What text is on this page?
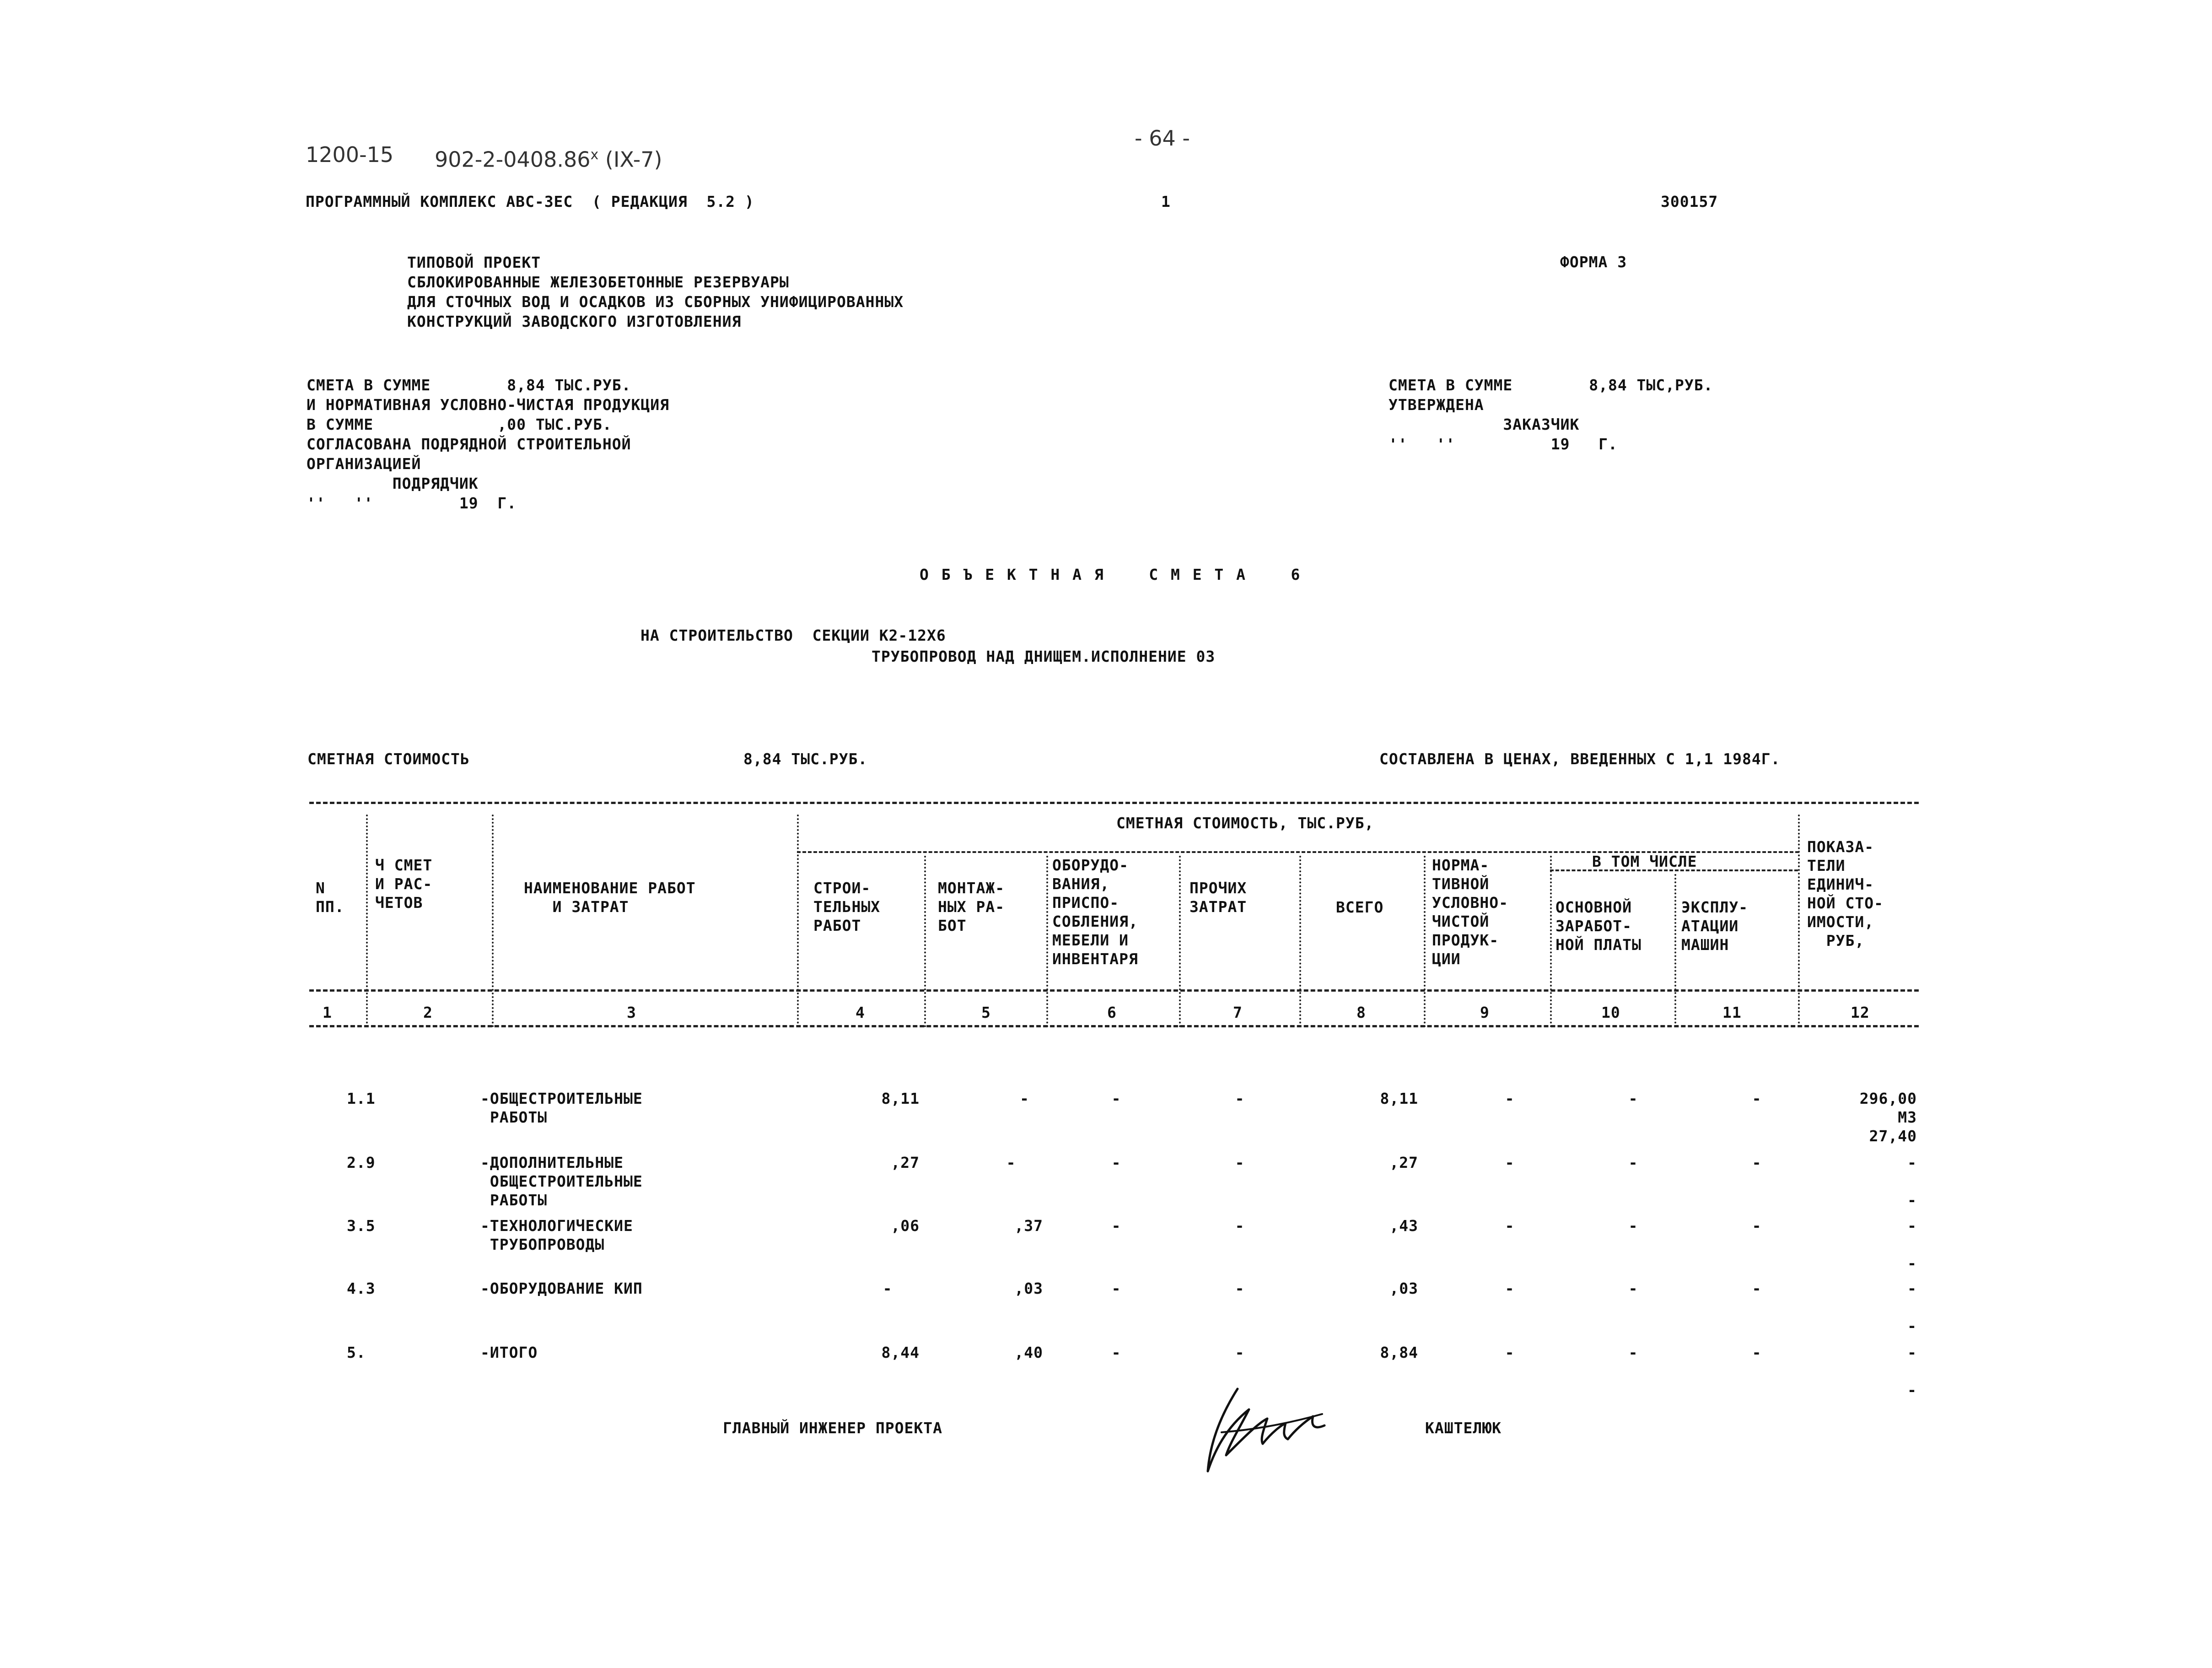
1200-15 902-2-0408.86$^x$ (IX-7)
- 64 -
ПРОГРАММНЫЙ КОМПЛЕКС АВС-ЗЕС  ( РЕДАКЦИЯ  5.2 )	1	300157
ТИПОВОЙ ПРОЕКТ
СБЛОКИРОВАННЫЕ ЖЕЛЕЗОБЕТОННЫЕ РЕЗЕРВУАРЫ
ДЛЯ СТОЧНЫХ ВОД И ОСАДКОВ ИЗ СБОРНЫХ УНИФИЦИРОВАННЫХ
КОНСТРУКЦИЙ ЗАВОДСКОГО ИЗГОТОВЛЕНИЯ
ФОРМА 3
СМЕТА В СУММЕ        8,84 ТЫС.РУБ.
И НОРМАТИВНАЯ УСЛОВНО-ЧИСТАЯ ПРОДУКЦИЯ
В СУММЕ             ,00 ТЫС.РУБ.
СОГЛАСОВАНА ПОДРЯДНОЙ СТРОИТЕЛЬНОЙ
ОРГАНИЗАЦИЕЙ
ПОДРЯДЧИК
''   ''         19  Г.
СМЕТА В СУММЕ        8,84 ТЫС,РУБ.
УТВЕРЖДЕНА
ЗАКАЗЧИК
''   ''          19   Г.
О Б Ъ Е К Т Н А Я    С М Е Т А    6
НА СТРОИТЕЛЬСТВО  СЕКЦИИ К2-12Х6
ТРУБОПРОВОД НАД ДНИЩЕМ.ИСПОЛНЕНИЕ 03
СМЕТНАЯ СТОИМОСТЬ	8,84 ТЫС.РУБ.	СОСТАВЛЕНА В ЦЕНАХ, ВВЕДЕННЫХ С 1,1 1984Г.
СМЕТНАЯ СТОИМОСТЬ, ТЫС.РУБ,
В ТОМ ЧИСЛЕ
N
ПП.
Ч СМЕТ
И РАС-
ЧЕТОВ
НАИМЕНОВАНИЕ РАБОТ
И ЗАТРАТ
СТРОИ-
ТЕЛЬНЫХ
РАБОТ
МОНТАЖ-
НЫХ РА-
БОТ
ОБОРУДО-
ВАНИЯ,
ПРИСПО-
СОБЛЕНИЯ,
МЕБЕЛИ И
ИНВЕНТАРЯ
ПРОЧИХ
ЗАТРАТ	ВСЕГО
НОРМА-
ТИВНОЙ
УСЛОВНО-
ЧИСТОЙ
ПРОДУК-
ЦИИ
ОСНОВНОЙ
ЗАРАБОТ-
НОЙ ПЛАТЫ
ЭКСПЛУ-
АТАЦИИ
МАШИН
ПОКАЗА-
ТЕЛИ
ЕДИНИЧ-
НОЙ СТО-
ИМОСТИ,
РУБ,
1	2	3	4	5	6	7	8	9	10	11	12
1.1	-ОБЩЕСТРОИТЕЛЬНЫЕ
РАБОТЫ
8,11	-	-	-	8,11	-	-	-	296,00
М3
27,40
2.9	-ДОПОЛНИТЕЛЬНЫЕ
ОБЩЕСТРОИТЕЛЬНЫЕ
РАБОТЫ
,27	-	-	-	,27	-	-	-	-

-
3.5	-ТЕХНОЛОГИЧЕСКИЕ
ТРУБОПРОВОДЫ
,06	,37	-	-	,43	-	-	-	-

-
4.3	-ОБОРУДОВАНИЕ КИП	-	,03	-	-	,03	-	-	-	-

-
5.	-ИТОГО	8,44	,40	-	-	8,84	-	-	-	-

-
ГЛАВНЫЙ ИНЖЕНЕР ПРОЕКТА	КАШТЕЛЮК
